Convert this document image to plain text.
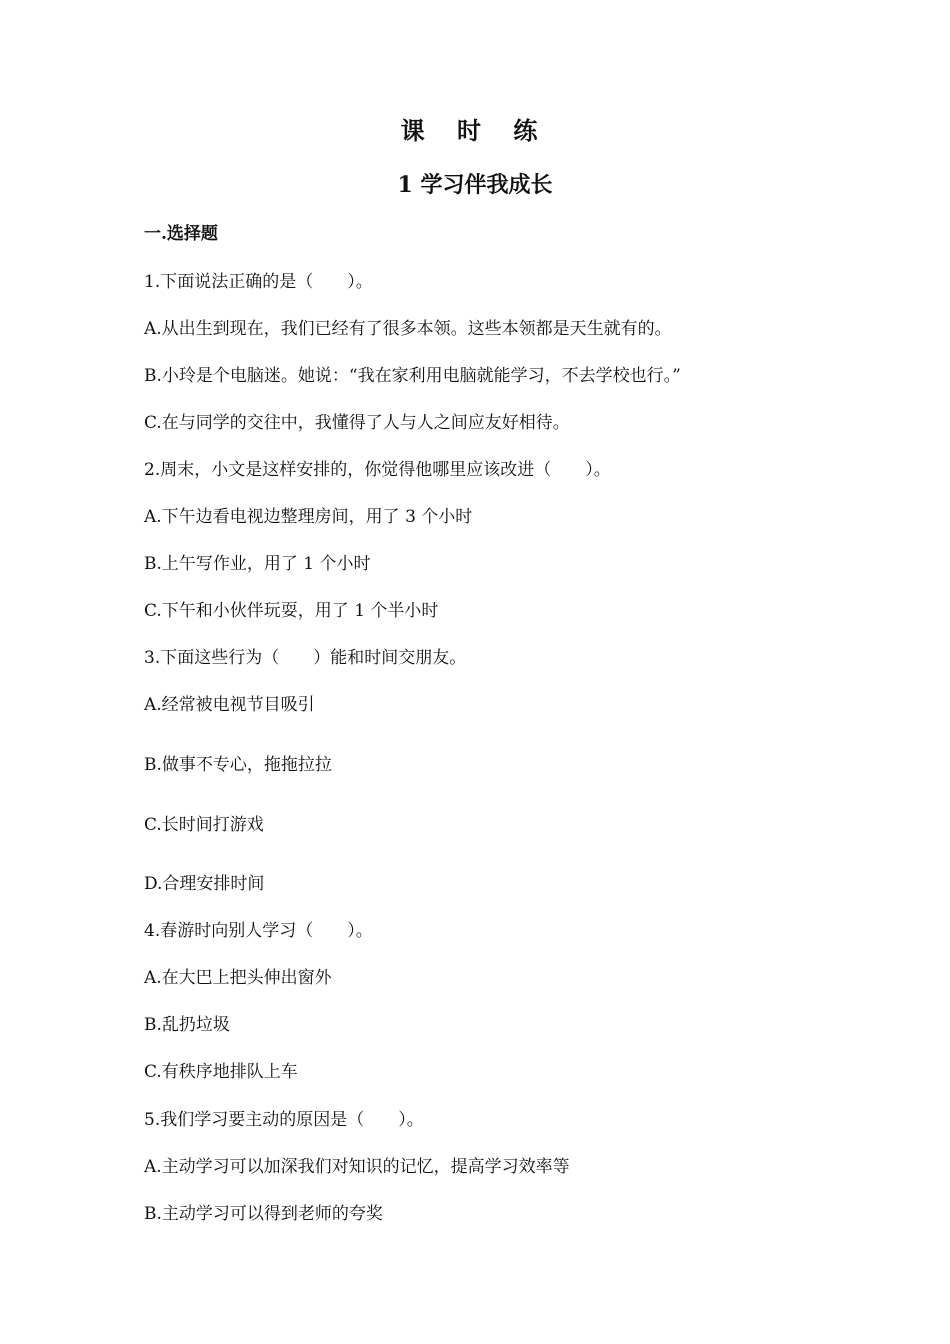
课 时 练
1 学习伴我成长
一.选择题

1.下面说法正确的是（　　）。

A.从出生到现在，我们已经有了很多本领。这些本领都是天生就有的。

B.小玲是个电脑迷。她说：“我在家利用电脑就能学习，不去学校也行。”

C.在与同学的交往中，我懂得了人与人之间应友好相待。

2.周末，小文是这样安排的，你觉得他哪里应该改进（　　）。

A.下午边看电视边整理房间，用了 3 个小时

B.上午写作业，用了 1 个小时

C.下午和小伙伴玩耍，用了 1 个半小时

3.下面这些行为（　　）能和时间交朋友。

A.经常被电视节目吸引

B.做事不专心，拖拖拉拉

C.长时间打游戏

D.合理安排时间

4.春游时向别人学习（　　）。

A.在大巴上把头伸出窗外

B.乱扔垃圾

C.有秩序地排队上车

5.我们学习要主动的原因是（　　）。

A.主动学习可以加深我们对知识的记忆，提高学习效率等

B.主动学习可以得到老师的夸奖
